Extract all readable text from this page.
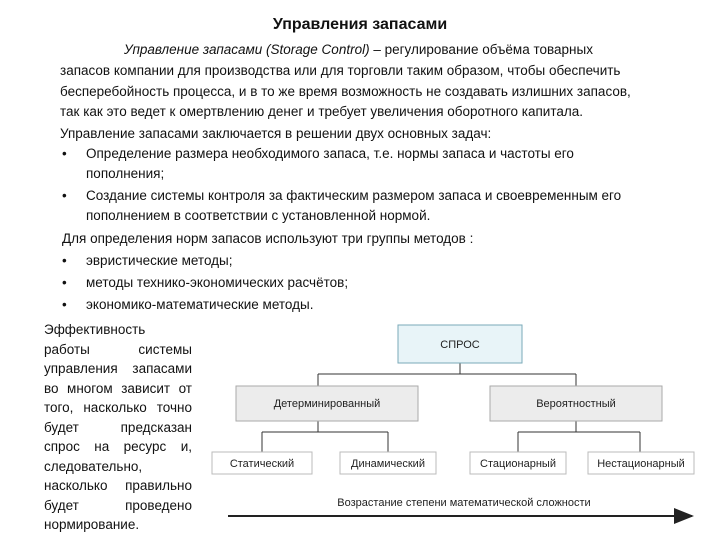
Управления запасами
Управление запасами (Storage Control) – регулирование объёма товарных
запасов компании для производства или для торговли таким образом, чтобы обеспечить
бесперебойность процесса, и в то же время возможность не создавать излишних запасов,
так как это ведет к омертвлению денег и требует увеличения оборотного капитала.
Управление запасами заключается в решении двух основных задач:
• Определение размера необходимого запаса, т.е. нормы запаса и частоты его
пополнения;
• Создание системы контроля за фактическим размером запаса и своевременным его
пополнением в соответствии с установленной нормой.
Для определения норм запасов используют три группы методов :
• эвристические методы;
• методы технико-экономических расчётов;
• экономико-математические методы.
Эффективность
работы системы
управления запасами
во многом зависит от
того, насколько точно
будет предсказан
спрос на ресурс и,
следовательно,
насколько правильно
будет проведено
нормирование.
СПРОС
Детерминированный	Вероятностный
Статический	Динамический	Стационарный	Нестационарный
Возрастание степени математической сложности
